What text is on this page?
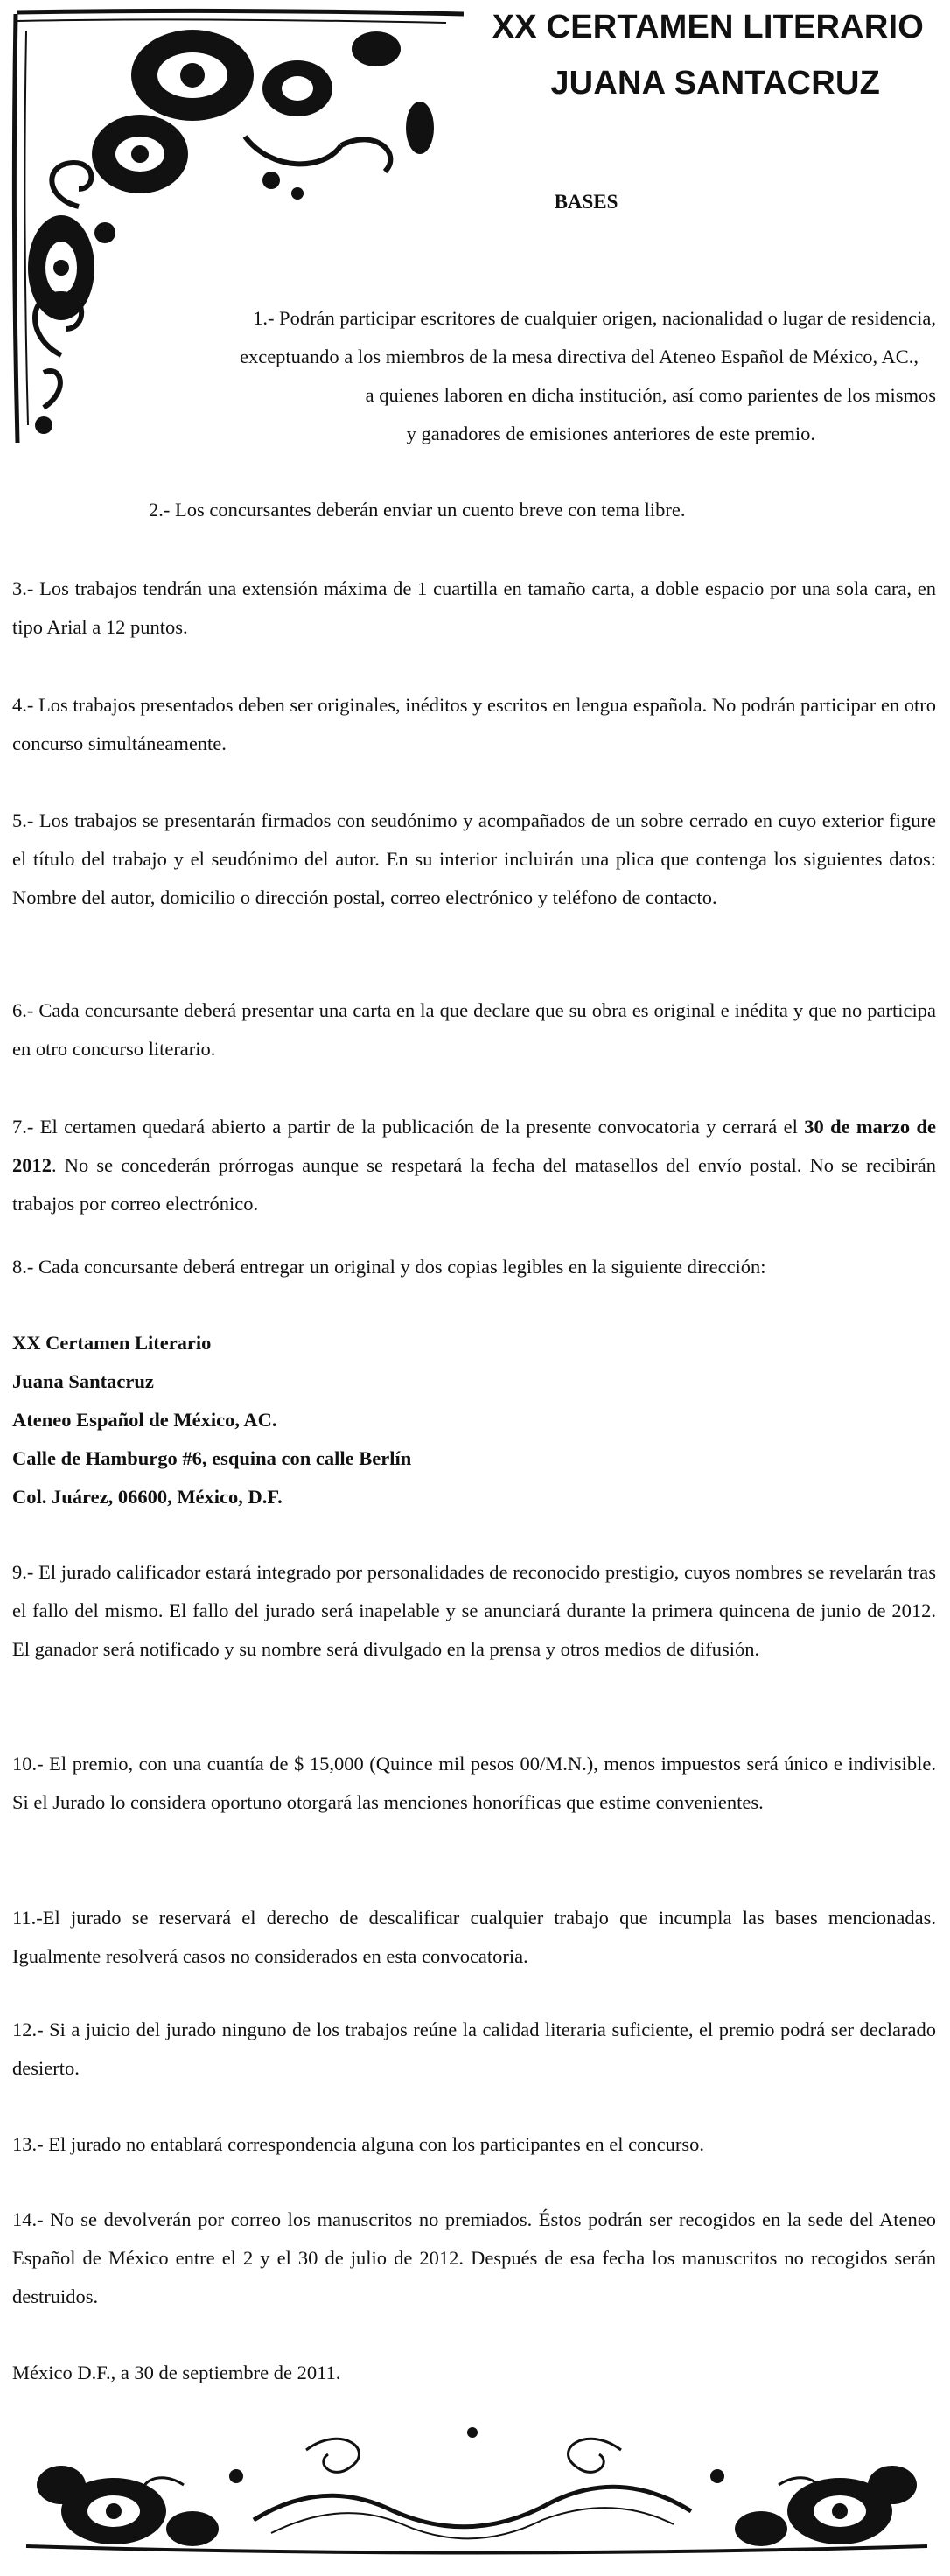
XX CERTAMEN LITERARIO
JUANA SANTACRUZ
BASES
1.- Podrán participar escritores de cualquier origen, nacionalidad o lugar de residencia,
exceptuando a los miembros de la mesa directiva del Ateneo Español de México, AC.,
a quienes laboren en dicha institución, así como parientes de los mismos
y ganadores de emisiones anteriores de este premio.
2.- Los concursantes deberán enviar un cuento breve con tema libre.
3.- Los trabajos tendrán una extensión máxima de 1 cuartilla en tamaño carta, a doble espacio por una sola cara, en tipo Arial a 12 puntos.
4.- Los trabajos presentados deben ser originales, inéditos y escritos en lengua española. No podrán participar en otro concurso simultáneamente.
5.- Los trabajos se presentarán firmados con seudónimo y acompañados de un sobre cerrado en cuyo exterior figure el título del trabajo y el seudónimo del autor. En su interior incluirán una plica que contenga los siguientes datos: Nombre del autor, domicilio o dirección postal, correo electrónico y teléfono de contacto.
6.- Cada concursante deberá presentar una carta en la que declare que su obra es original e inédita y que no participa en otro concurso literario.
7.- El certamen quedará abierto a partir de la publicación de la presente convocatoria y cerrará el 30 de marzo de 2012. No se concederán prórrogas aunque se respetará la fecha del matasellos del envío postal. No se recibirán trabajos por correo electrónico.
8.- Cada concursante deberá entregar un original y dos copias legibles en la siguiente dirección:
XX Certamen Literario
Juana Santacruz
Ateneo Español de México, AC.
Calle de Hamburgo #6, esquina con calle Berlín
Col. Juárez, 06600, México, D.F.
9.- El jurado calificador estará integrado por personalidades de reconocido prestigio, cuyos nombres se revelarán tras el fallo del mismo. El fallo del jurado será inapelable y se anunciará durante la primera quincena de junio de 2012. El ganador será notificado y su nombre será divulgado en la prensa y otros medios de difusión.
10.- El premio, con una cuantía de $ 15,000 (Quince mil pesos 00/M.N.), menos impuestos será único e indivisible. Si el Jurado lo considera oportuno otorgará las menciones honoríficas que estime convenientes.
11.-El jurado se reservará el derecho de descalificar cualquier trabajo que incumpla las bases mencionadas. Igualmente resolverá casos no considerados en esta convocatoria.
12.- Si a juicio del jurado ninguno de los trabajos reúne la calidad literaria suficiente, el premio podrá ser declarado desierto.
13.- El jurado no entablará correspondencia alguna con los participantes en el concurso.
14.- No se devolverán por correo los manuscritos no premiados. Éstos podrán ser recogidos en la sede del Ateneo Español de México entre el 2 y el 30 de julio de 2012. Después de esa fecha los manuscritos no recogidos serán destruidos.
México D.F., a 30 de septiembre de 2011.
